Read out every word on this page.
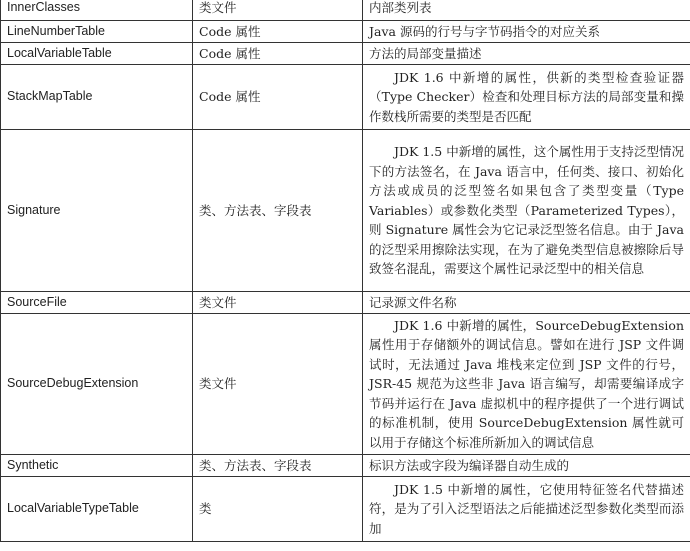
InnerClasses	类文件	内部类列表

LineNumberTable	Code 属性	Java 源码的行号与字节码指令的对应关系

LocalVariableTable	Code 属性	方法的局部变量描述

StackMapTable	Code 属性	JDK 1.6 中新增的属性，供新的类型检查验证器（Type Checker）检查和处理目标方法的局部变量和操作数栈所需要的类型是否匹配

Signature	类、方法表、字段表	JDK 1.5 中新增的属性，这个属性用于支持泛型情况下的方法签名，在 Java 语言中，任何类、接口、初始化方法或成员的泛型签名如果包含了类型变量（Type Variables）或参数化类型（Parameterized Types），则 Signature 属性会为它记录泛型签名信息。由于 Java 的泛型采用擦除法实现，在为了避免类型信息被擦除后导致签名混乱，需要这个属性记录泛型中的相关信息

SourceFile	类文件	记录源文件名称

SourceDebugExtension	类文件	JDK 1.6 中新增的属性，SourceDebugExtension 属性用于存储额外的调试信息。譬如在进行 JSP 文件调试时，无法通过 Java 堆栈来定位到 JSP 文件的行号，JSR-45 规范为这些非 Java 语言编写，却需要编译成字节码并运行在 Java 虚拟机中的程序提供了一个进行调试的标准机制，使用 SourceDebugExtension 属性就可以用于存储这个标准所新加入的调试信息

Synthetic	类、方法表、字段表	标识方法或字段为编译器自动生成的

LocalVariableTypeTable	类	JDK 1.5 中新增的属性，它使用特征签名代替描述符，是为了引入泛型语法之后能描述泛型参数化类型而添加
